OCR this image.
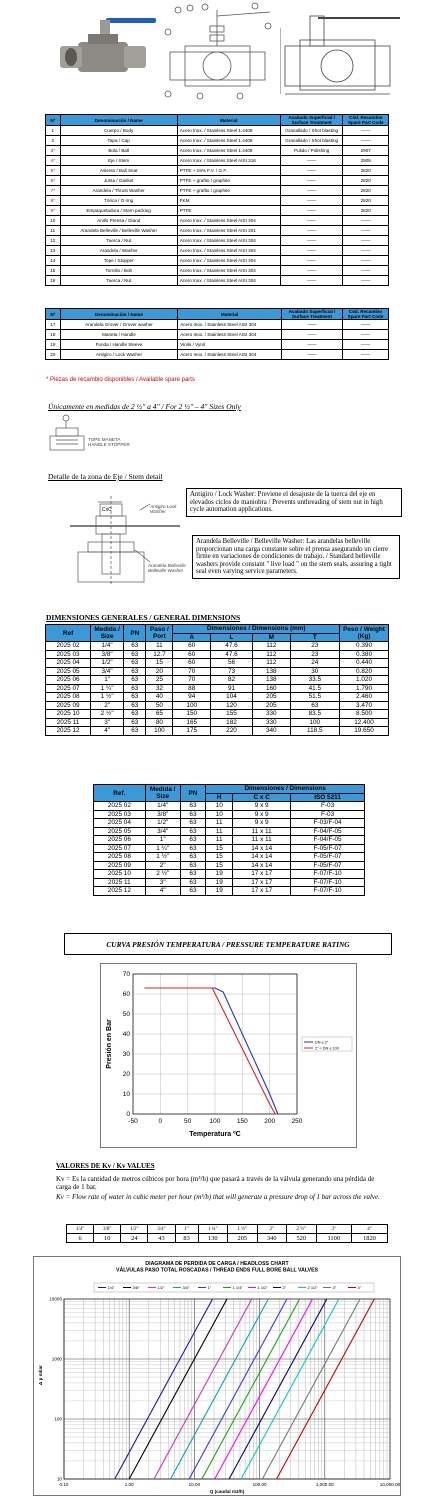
Nº	Denominación / Name	Material	Acabado Superficial / Surface Treatment	Cód. Recambio Spare Part Code
1	Cuerpo / Body	Acero Inox. / Stainless Steel 1.4408	Granallado / Shot blasting	——
2	Tapa / Cap	Acero Inox. / Stainless Steel 1.4408	Granallado / Shot blasting	——
3*	Bola / Ball	Acero Inox. / Stainless Steel 1.4408	Pulido / Polishing	2907
4*	Eje / Stem	Acero Inox. / Stainless Steel AISI 316	——	2905
5*	Asiento / Ball Seat	PTFE + 15% F.V. / G.F.	——	2820
6*	Junta / Gasket	PTFE + grafito / graphite	——	2820
7*	Arandela / Thrust Washer	PTFE + grafito / graphite	——	2820
8*	Tórica / O ring	FKM	——	2820
9*	Empaquetadura / Stem packing	PTFE	——	2820
10	Anillo Prensa / Gland	Acero Inox. / Stainless Steel AISI 304	——	——
11	Arandela Belleville / Belleville Washer	Acero Inox. / Stainless Steel AISI 301	——	——
12	Tuerca / Nut	Acero Inox. / Stainless Steel AISI 304	——	——
13	Arandela / Washer	Acero Inox. / Stainless Steel AISI 304	——	——
14	Tope / Stopper	Acero Inox. / Stainless Steel AISI 304	——	——
15	Tornillo / Bolt	Acero Inox. / Stainless Steel AISI 304	——	——
16	Tuerca / Nut	Acero Inox. / Stainless Steel AISI 304	——	——
Nº	Denominación / Name	Material	Acabado Superficial / Surface Treatment	Cód. Recambio Spare Part Code
17	Arandela Grover / Grover washer	Acero Inox. / Stainless Steel AISI 304	——	——
18	Maneta / Handle	Acero Inox. / Stainless Steel AISI 304	——	——
19	Funda / Handle Sleeve	Vinilo / Vynil	——	——
20	Antigiro / Lock Washer	Acero Inox. / Stainless Steel AISI 304	——	——
* Piezas de recambio disponibles / Available spare parts
Únicamente en medidas de 2 ½" a 4" / For 2 ½" – 4" Sizes Only
TOPE MANETA
HANDLE STOPPER
Detalle de la zona de Eje / Stem detail
CxC
Antigiro Lock Washer
Arandela Belleville Belleville Washer
Antigiro / Lock Washer: Previene el desajuste de la tuerca del eje en elevados ciclos de maniobra / Prevents unthreading of stem nut in high cycle automation applications.
Arandela Belleville / Belleville Washer: Las arandelas belleville proporcionan una carga constante sobre el prensa asegurando un cierre firme en variaciones de condiciones de trabajo. / Standard belleville washers provide constant " live load " on the stem seals, assuring a tight seal even varying service parameters.
DIMENSIONES GENERALES / GENERAL DIMENSIONS
Ref	Medida / Size	PN	Paso / Port	Dimensiones / Dimensions (mm)				Peso / Weight (Kg)
				A	L	M	T	
2025 02	1/4"	63	11	60	47.6	112	23	0.390
2025 03	3/8"	63	12.7	60	47.6	112	23	0.380
2025 04	1/2"	63	15	60	56	112	24	0.440
2025 05	3/4"	63	20	70	73	138	30	0.820
2025 06	1"	63	25	70	82	138	33.5	1.020
2025 07	1 ¼"	63	32	88	91	160	41.5	1.790
2025 08	1 ½"	63	40	94	104	205	51.5	2.460
2025 09	2"	63	50	100	120	205	63	3.470
2025 10	2 ½"	63	65	150	155	330	83.5	8.500
2025 11	3"	63	80	165	182	330	100	12.400
2025 12	4"	63	100	175	220	340	118.5	19.650
Ref.	Medida / Size	PN	Dimensiones / Dimensions		
			H	C x C	ISO 5211
2025 02	1/4"	63	10	9 x 9	F-03
2025 03	3/8"	63	10	9 x 9	F-03
2025 04	1/2"	63	11	9 x 9	F-03/F-04
2025 05	3/4"	63	11	11 x 11	F-04/F-05
2025 06	1"	63	11	11 x 11	F-04/F-05
2025 07	1 ¼"	63	15	14 x 14	F-05/F-07
2025 08	1 ½"	63	15	14 x 14	F-05/F-07
2025 09	2"	63	15	14 x 14	F-05/F-07
2025 10	2 ½"	63	19	17 x 17	F-07/F-10
2025 11	3"	63	19	17 x 17	F-07/F-10
2025 12	4"	63	19	17 x 17	F-07/F-10
CURVA PRESIÓN TEMPERATURA / PRESSURE TEMPERATURE RATING
-50	0	50	100	150	200	250
0
10
20
30
40
50
60
70
DN ≤ 2"
2" < DN ≤ 100
Temperatura ºC
Presión en Bar
VALORES DE Kv / Kv VALUES
Kv = Es la cantidad de metros cúbicos por hora (m³/h) que pasará a través de la válvula generando una pérdida de carga de 1 bar.
Kv = Flow rate of water in cubic meter per hour (m³/h) that will generate a pressure drop of 1 bar across the valve.
1/4"	3/8"	1/2"	3/4"	1"	1 ¼"	1 ½"	2"	2 ½"	3"	4"
6	10	24	43	83	130	205	340	520	1100	1820
DIAGRAMA DE PERDIDA DE CARGA / HEADLOSS CHART
VÁLVULAS PASO TOTAL ROSCADAS / THREAD ENDS FULL BORE BALL VALVES
0.10	1.00	10.00	100.00	1,000.00	10,000.00
10
100
1000
10000
Q (caudal m3/h)
Δ p mbar
1/4"	3/8"	1/2"	3/4"	1"	1 1/4"	1 1/2"	2"	2 1/2"	3"	4"
